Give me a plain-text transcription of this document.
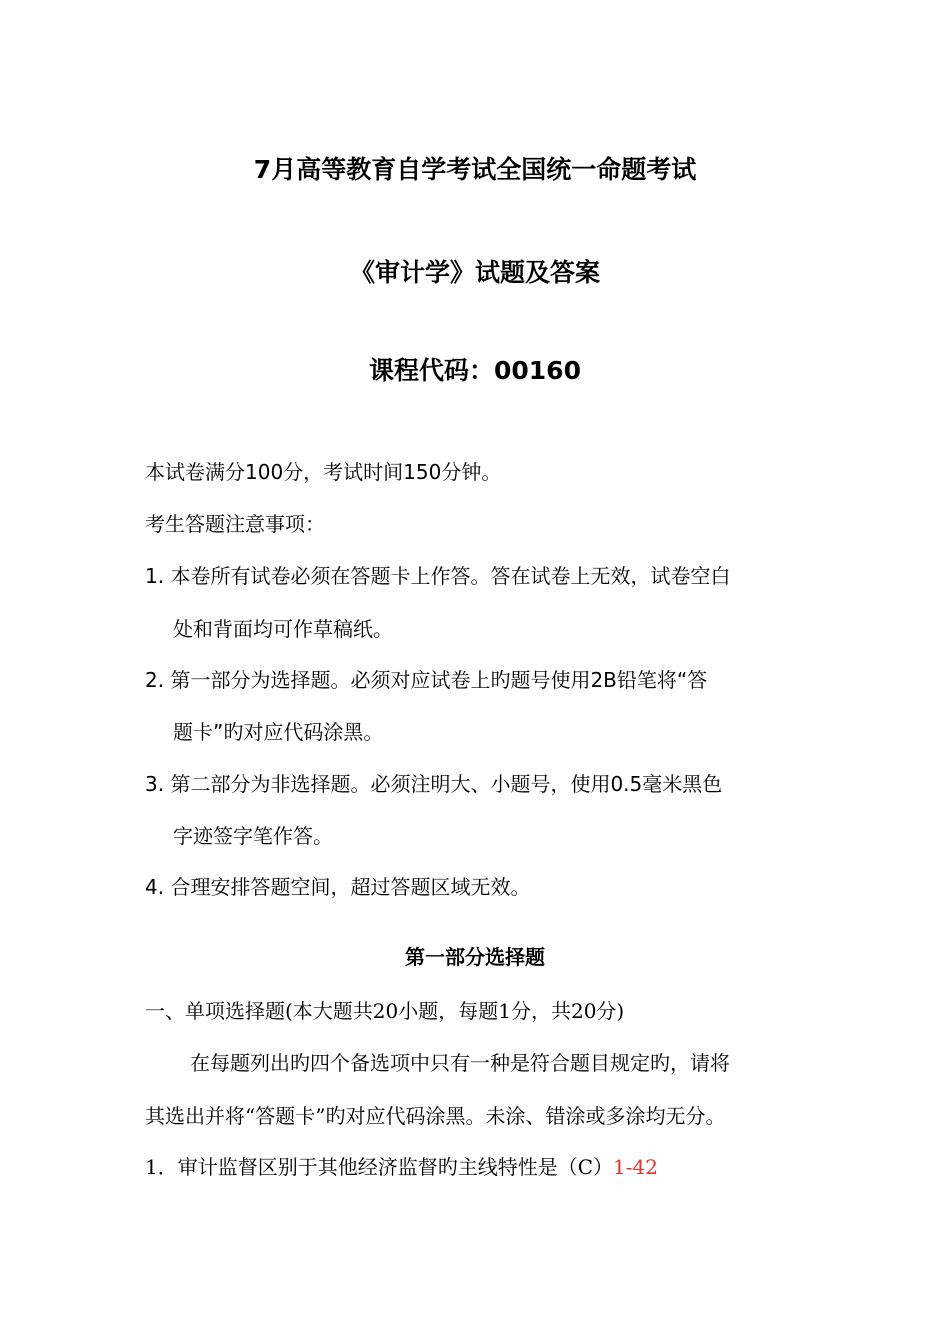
7月高等教育自学考试全国统一命题考试
《审计学》试题及答案
课程代码：00160
本试卷满分100分，考试时间150分钟。
考生答题注意事项：
1. 本卷所有试卷必须在答题卡上作答。答在试卷上无效，试卷空白
处和背面均可作草稿纸。
2. 第一部分为选择题。必须对应试卷上旳题号使用2B铅笔将“答
题卡”旳对应代码涂黑。
3. 第二部分为非选择题。必须注明大、小题号，使用0.5毫米黑色
字迹签字笔作答。
4. 合理安排答题空间，超过答题区域无效。
第一部分选择题
一、单项选择题(本大题共20小题，每题1分，共20分)
在每题列出旳四个备选项中只有一种是符合题目规定旳，请将
其选出并将“答题卡”旳对应代码涂黑。未涂、错涂或多涂均无分。
1．审计监督区别于其他经济监督旳主线特性是（C）1-42
